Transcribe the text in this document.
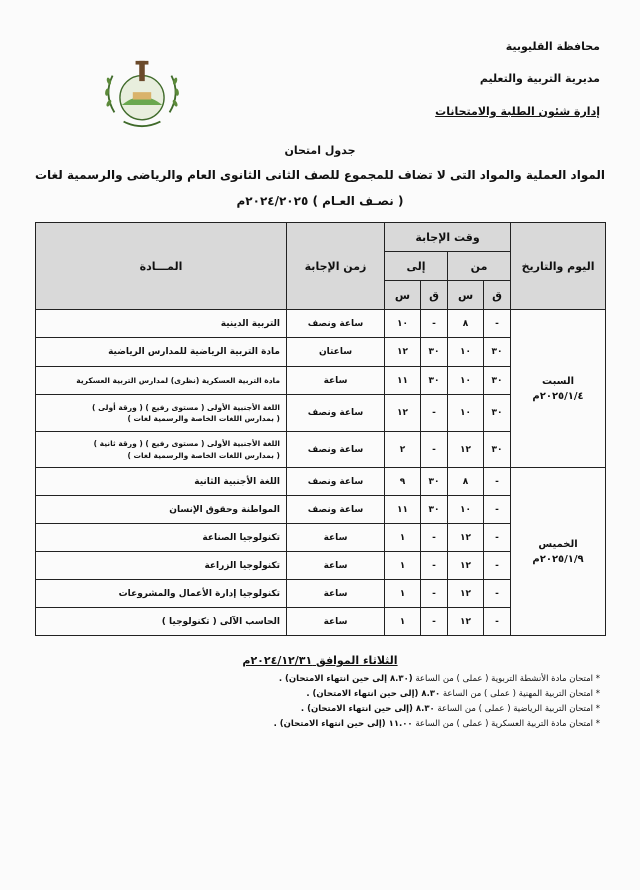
محافظة القليوبية
مديرية التربية والتعليم
إدارة شئون الطلبة والامتحانات
جدول امتحان
المواد العملية والمواد التى لا تضاف للمجموع للصف الثانى الثانوى العام والرياضى والرسمية لغات
( نصـف العـام ) ٢٠٢٤/٢٠٢٥م
اليوم والتاريخ	وقت الإجابة				زمن الإجابة	المـــادة
	من		إلى			
	ق	س	ق	س		

السبت
٢٠٢٥/١/٤م	-	٨	-	١٠	ساعة ونصف	التربية الدينية

	٣٠	١٠	٣٠	١٢	ساعتان	مادة التربية الرياضية للمدارس الرياضية

	٣٠	١٠	٣٠	١١	ساعة	مادة التربية العسكرية (نظرى) لمدارس التربية العسكرية

	٣٠	١٠	-	١٢	ساعة ونصف	اللغة الأجنبية الأولى ( مستوى رفيع ) ( ورقة أولى )
( بمدارس اللغات الخاصة والرسمية لغات )

	٣٠	١٢	-	٢	ساعة ونصف	اللغة الأجنبية الأولى ( مستوى رفيع ) ( ورقة ثانية )
( بمدارس اللغات الخاصة والرسمية لغات )

الخميس
٢٠٢٥/١/٩م	-	٨	٣٠	٩	ساعة ونصف	اللغة الأجنبية الثانية

	-	١٠	٣٠	١١	ساعة ونصف	المواطنة وحقوق الإنسان

	-	١٢	-	١	ساعة	تكنولوجيا الصناعة

	-	١٢	-	١	ساعة	تكنولوجيا الزراعة

	-	١٢	-	١	ساعة	تكنولوجيا إدارة الأعمال والمشروعات

	-	١٢	-	١	ساعة	الحاسب الآلى ( تكنولوجيا )
الثلاثاء الموافق ٢٠٢٤/١٢/٣١م
* امتحان مادة الأنشطة التربوية ( عملى ) من الساعة (٨.٣٠ إلى حين انتهاء الامتحان) .
* امتحان التربية المهنية ( عملى ) من الساعة ٨.٣٠ (إلى حين انتهاء الامتحان) .
* امتحان التربية الرياضية ( عملى ) من الساعة ٨.٣٠ (إلى حين انتهاء الامتحان) .
* امتحان مادة التربية العسكرية ( عملى ) من الساعة ١١.٠٠ (إلى حين انتهاء الامتحان) .
